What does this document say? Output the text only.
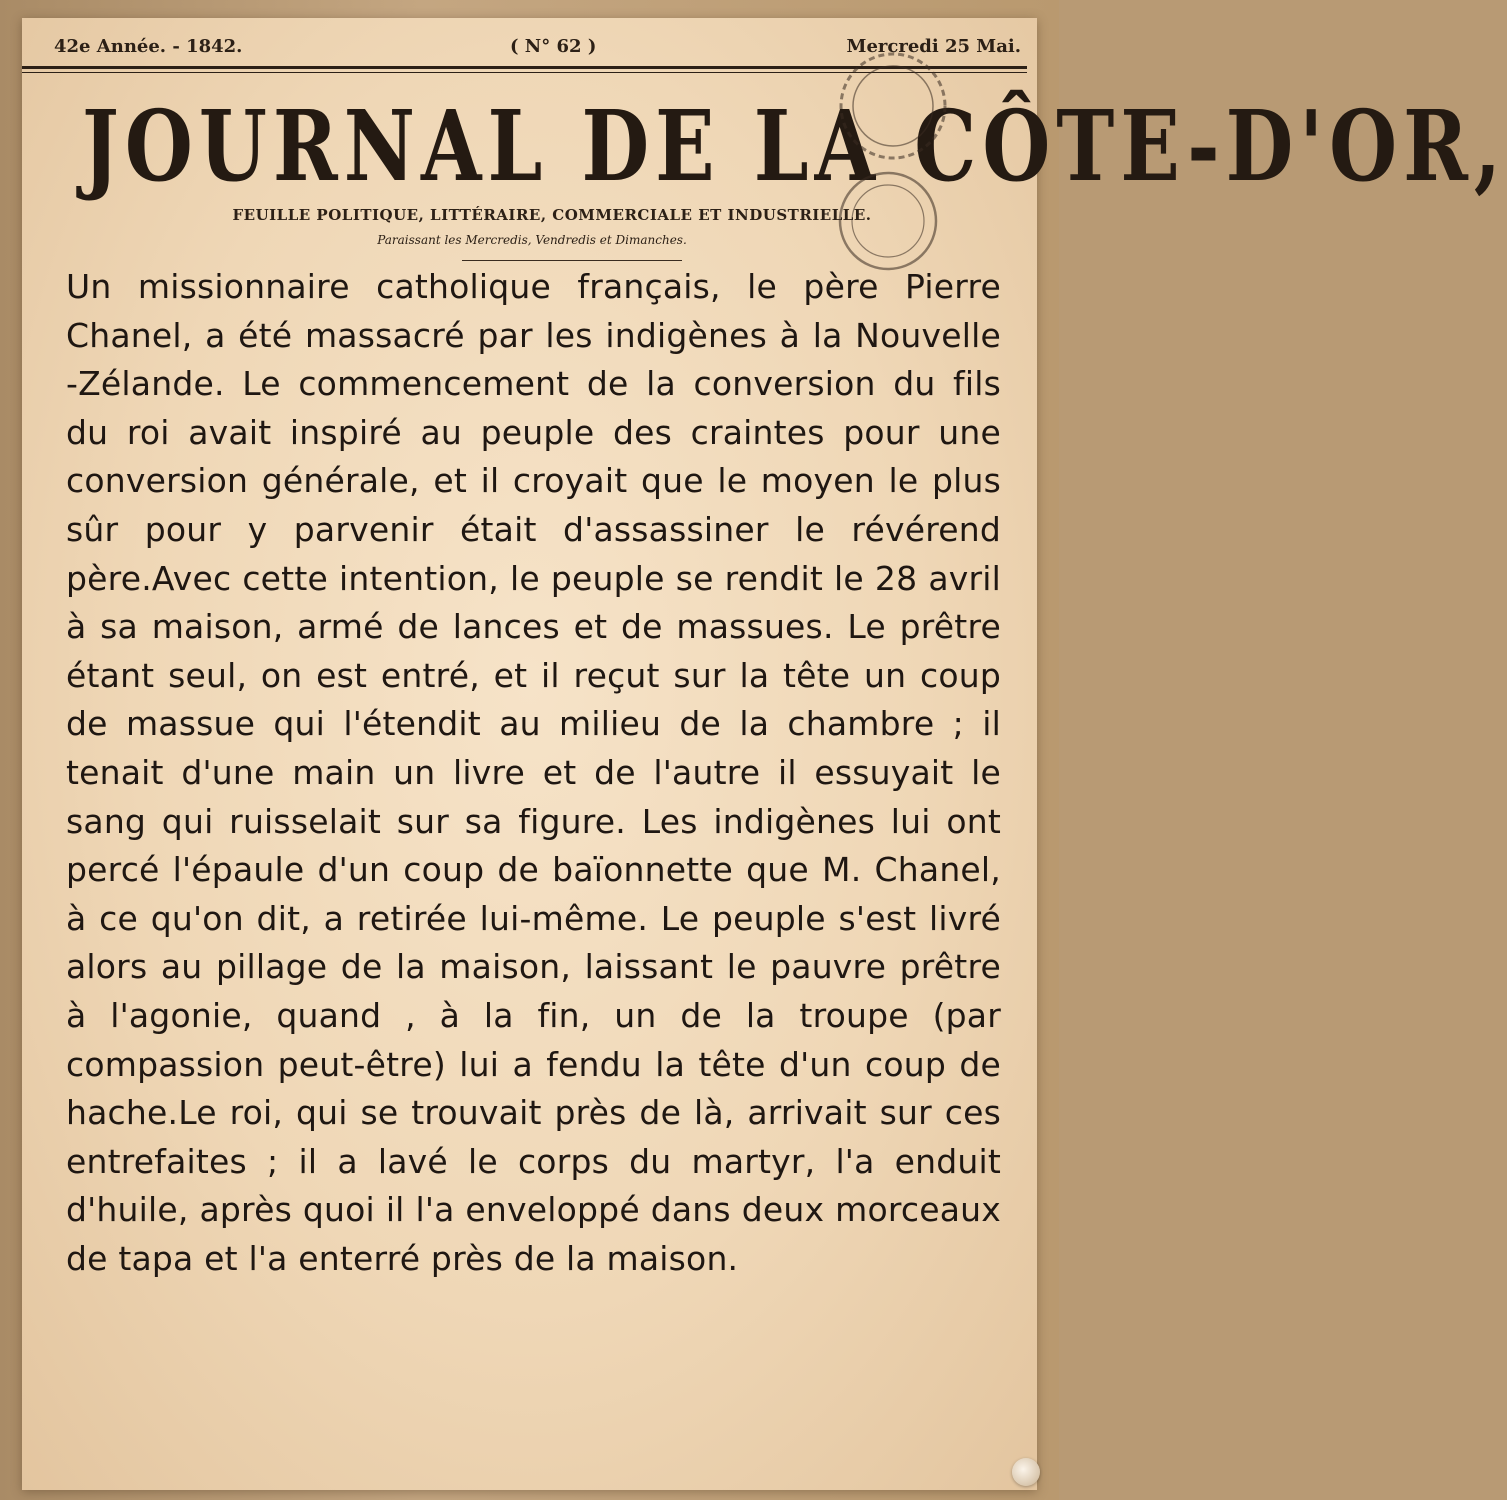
42e Année. - 1842.	( N° 62 )	Mercredi 25 Mai.
JOURNAL DE LA CÔTE-D'OR,
FEUILLE POLITIQUE, LITTÉRAIRE, COMMERCIALE ET INDUSTRIELLE.
Paraissant les Mercredis, Vendredis et Dimanches.
Un missionnaire catholique français, le père Pierre Chanel, a été massacré par les indigènes à la Nouvelle -Zélande. Le commencement de la conversion du fils du roi avait inspiré au peuple des craintes pour une conversion générale, et il croyait que le moyen le plus sûr pour y parvenir était d'assassiner le révérend père.Avec cette intention, le peuple se rendit le 28 avril à sa maison, armé de lances et de massues. Le prêtre étant seul, on est entré, et il reçut sur la tête un coup de massue qui l'étendit au milieu de la chambre ; il tenait d'une main un livre et de l'autre il essuyait le sang qui ruisselait sur sa figure. Les indigènes lui ont percé l'épaule d'un coup de baïonnette que M. Chanel, à ce qu'on dit, a retirée lui-même. Le peuple s'est livré alors au pillage de la maison, laissant le pauvre prêtre à l'agonie, quand , à la fin, un de la troupe (par compassion peut-être) lui a fendu la tête d'un coup de hache.Le roi, qui se trouvait près de là, arrivait sur ces entrefaites ; il a lavé le corps du martyr, l'a enduit d'huile, après quoi il l'a enveloppé dans deux morceaux de tapa et l'a enterré près de la maison.
